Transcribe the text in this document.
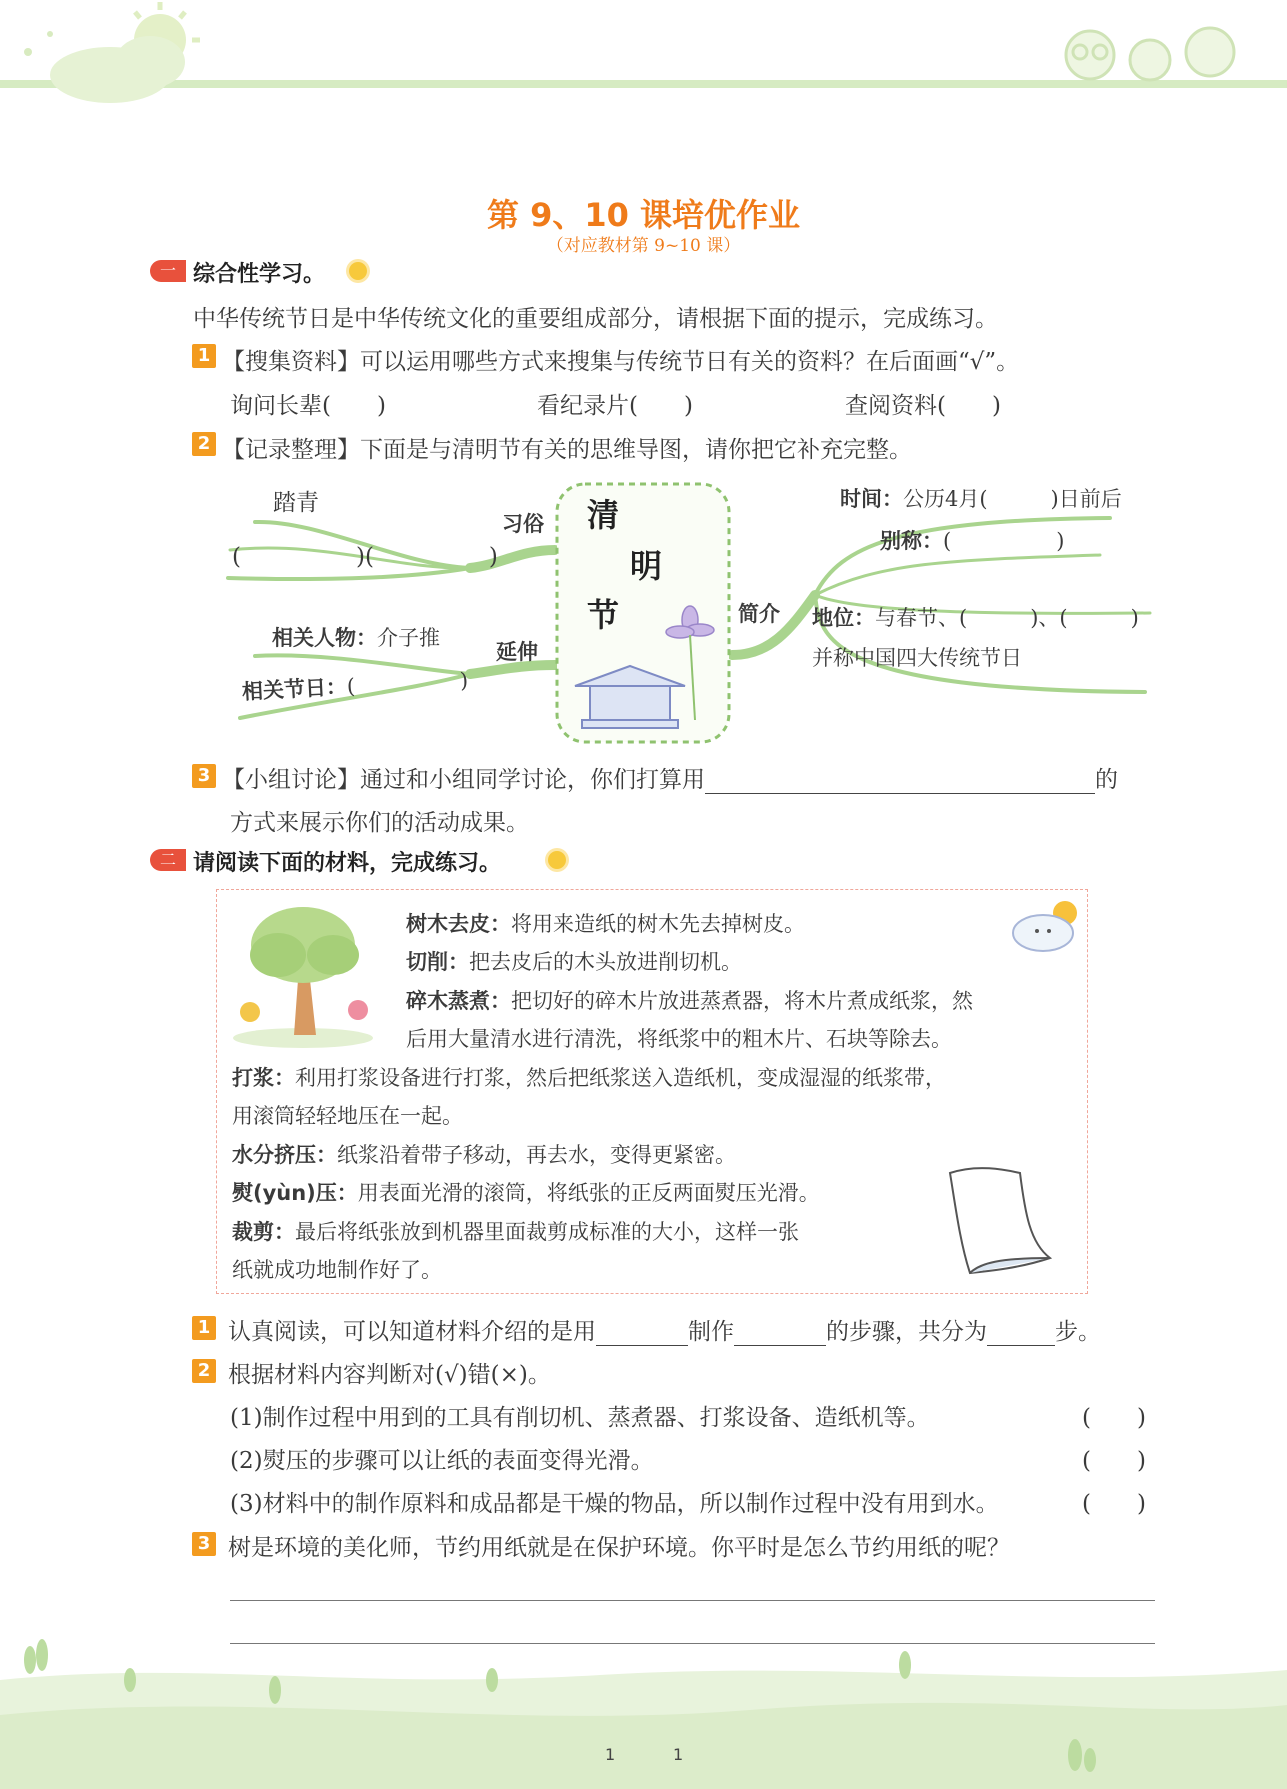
第 9、10 课培优作业
（对应教材第 9~10 课）
一 综合性学习。
中华传统节日是中华传统文化的重要组成部分，请根据下面的提示，完成练习。
1 【搜集资料】可以运用哪些方式来搜集与传统节日有关的资料？在后面画“√”。
询问长辈(　　)	看纪录片(　　)	查阅资料(　　)
2 【记录整理】下面是与清明节有关的思维导图，请你把它补充完整。
清
明
节
习俗
踏青
(　　　　　)(　　　　　)
延伸
相关人物：介子推
相关节日：(　　　　　)
简介
时间：公历4月(　　　)日前后
别称：(　　　　　)
地位：与春节、(　　　)、(　　　)
并称中国四大传统节日
3 【小组讨论】通过和小组同学讨论，你们打算用	的
方式来展示你们的活动成果。
二 请阅读下面的材料，完成练习。
树木去皮：将用来造纸的树木先去掉树皮。
切削：把去皮后的木头放进削切机。
碎木蒸煮：把切好的碎木片放进蒸煮器，将木片煮成纸浆，然
后用大量清水进行清洗，将纸浆中的粗木片、石块等除去。
打浆：利用打浆设备进行打浆，然后把纸浆送入造纸机，变成湿湿的纸浆带，
用滚筒轻轻地压在一起。
水分挤压：纸浆沿着带子移动，再去水，变得更紧密。
熨(yùn)压：用表面光滑的滚筒，将纸张的正反两面熨压光滑。
裁剪：最后将纸张放到机器里面裁剪成标准的大小，这样一张
纸就成功地制作好了。
1 认真阅读，可以知道材料介绍的是用	制作	的步骤，共分为	步。
2 根据材料内容判断对(√)错(×)。
(1)制作过程中用到的工具有削切机、蒸煮器、打浆设备、造纸机等。	(　　)
(2)熨压的步骤可以让纸的表面变得光滑。	(　　)
(3)材料中的制作原料和成品都是干燥的物品，所以制作过程中没有用到水。	(　　)
3 树是环境的美化师，节约用纸就是在保护环境。你平时是怎么节约用纸的呢？
1	1
